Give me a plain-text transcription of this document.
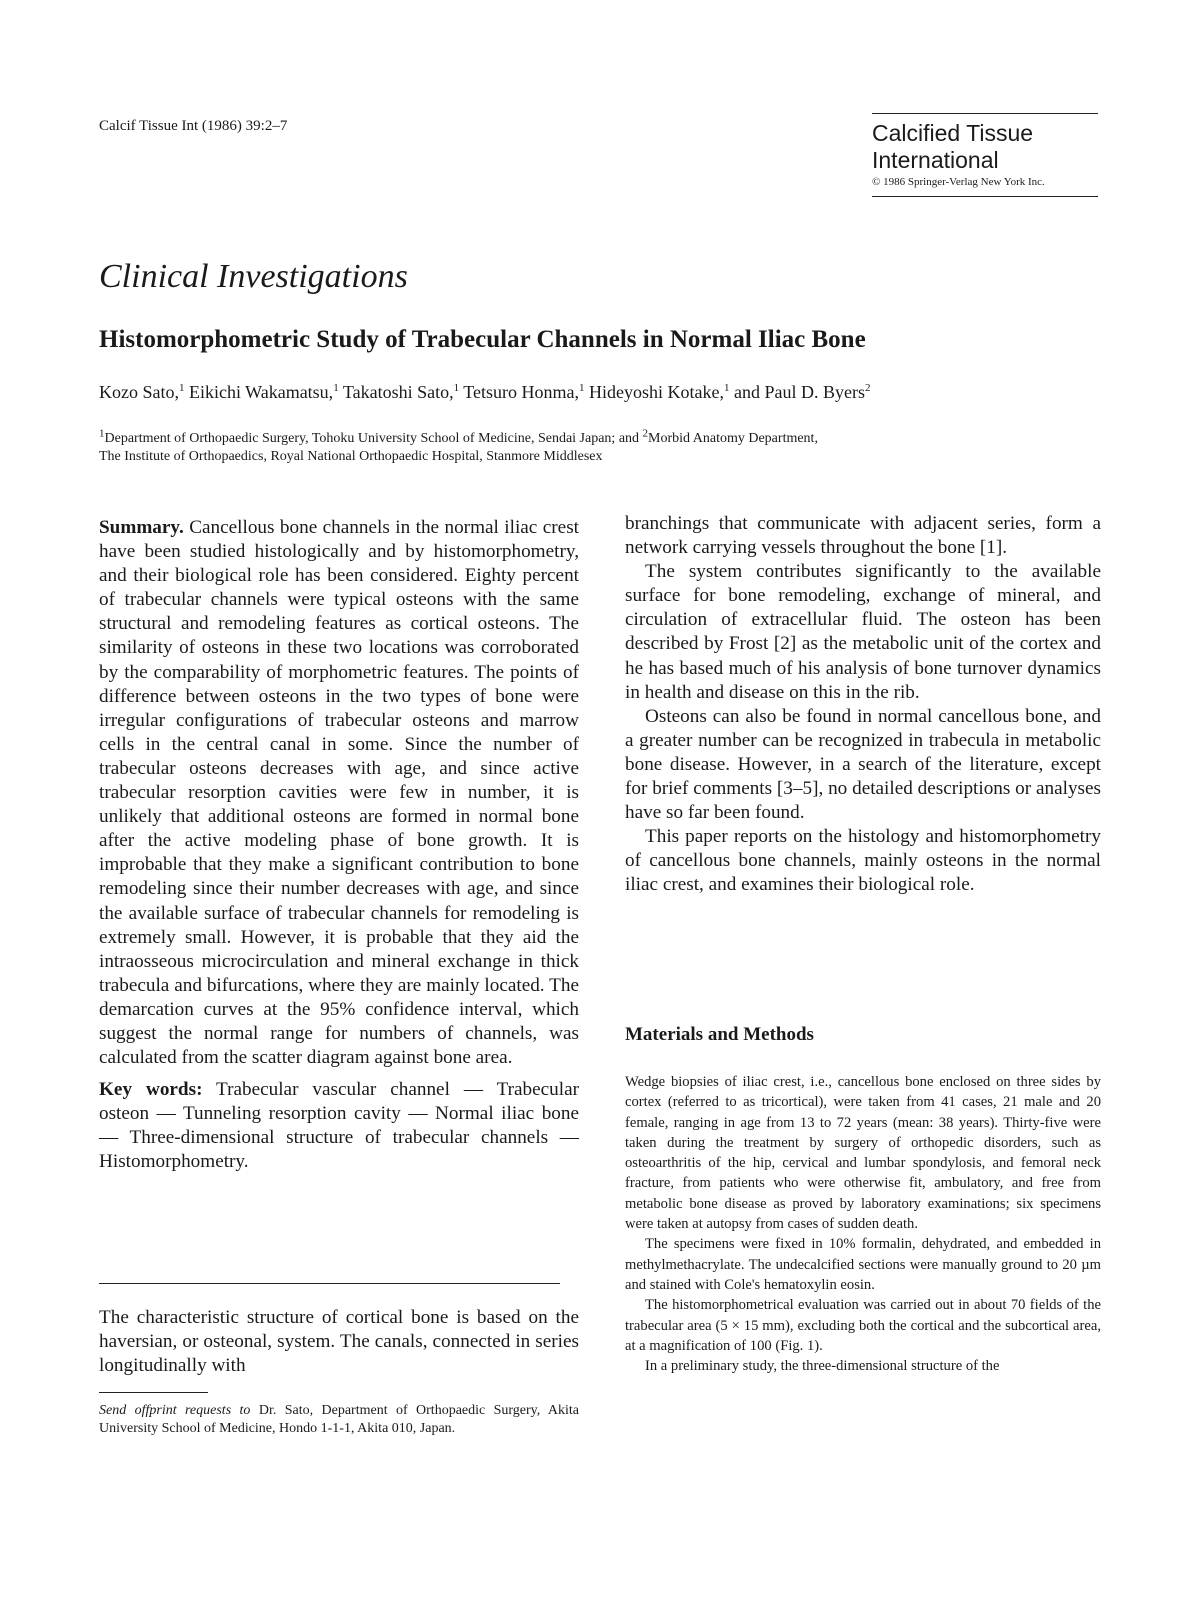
Calcif Tissue Int (1986) 39:2–7	Calcified Tissue
International
© 1986 Springer-Verlag New York Inc.
Clinical Investigations
Histomorphometric Study of Trabecular Channels in Normal Iliac Bone
Kozo Sato,$^1$ Eikichi Wakamatsu,$^1$ Takatoshi Sato,$^1$ Tetsuro Honma,$^1$ Hideyoshi Kotake,$^1$ and Paul D. Byers$^2$
$^1$Department of Orthopaedic Surgery, Tohoku University School of Medicine, Sendai Japan; and $^2$Morbid Anatomy Department,
The Institute of Orthopaedics, Royal National Orthopaedic Hospital, Stanmore Middlesex

Summary. Cancellous bone channels in the normal iliac crest have been studied histologically and by histomorphometry, and their biological role has been considered. Eighty percent of trabecular channels were typical osteons with the same structural and remodeling features as cortical osteons. The similarity of osteons in these two locations was corroborated by the comparability of morphometric features. The points of difference between osteons in the two types of bone were irregular configurations of trabecular osteons and marrow cells in the central canal in some. Since the number of trabecular osteons decreases with age, and since active trabecular resorption cavities were few in number, it is unlikely that additional osteons are formed in normal bone after the active modeling phase of bone growth. It is improbable that they make a significant contribution to bone remodeling since their number decreases with age, and since the available surface of trabecular channels for remodeling is extremely small. However, it is probable that they aid the intraosseous microcirculation and mineral exchange in thick trabecula and bifurcations, where they are mainly located. The demarcation curves at the 95% confidence interval, which suggest the normal range for numbers of channels, was calculated from the scatter diagram against bone area.

Key words: Trabecular vascular channel — Trabecular osteon — Tunneling resorption cavity — Normal iliac bone — Three-dimensional structure of trabecular channels — Histomorphometry.

The characteristic structure of cortical bone is based on the haversian, or osteonal, system. The canals, connected in series longitudinally with

Send offprint requests to Dr. Sato, Department of Orthopaedic Surgery, Akita University School of Medicine, Hondo 1-1-1, Akita 010, Japan.

branchings that communicate with adjacent series, form a network carrying vessels throughout the bone [1].

The system contributes significantly to the available surface for bone remodeling, exchange of mineral, and circulation of extracellular fluid. The osteon has been described by Frost [2] as the metabolic unit of the cortex and he has based much of his analysis of bone turnover dynamics in health and disease on this in the rib.

Osteons can also be found in normal cancellous bone, and a greater number can be recognized in trabecula in metabolic bone disease. However, in a search of the literature, except for brief comments [3–5], no detailed descriptions or analyses have so far been found.

This paper reports on the histology and histomorphometry of cancellous bone channels, mainly osteons in the normal iliac crest, and examines their biological role.

Materials and Methods

Wedge biopsies of iliac crest, i.e., cancellous bone enclosed on three sides by cortex (referred to as tricortical), were taken from 41 cases, 21 male and 20 female, ranging in age from 13 to 72 years (mean: 38 years). Thirty-five were taken during the treatment by surgery of orthopedic disorders, such as osteoarthritis of the hip, cervical and lumbar spondylosis, and femoral neck fracture, from patients who were otherwise fit, ambulatory, and free from metabolic bone disease as proved by laboratory examinations; six specimens were taken at autopsy from cases of sudden death.

The specimens were fixed in 10% formalin, dehydrated, and embedded in methylmethacrylate. The undecalcified sections were manually ground to 20 µm and stained with Cole's hematoxylin eosin.

The histomorphometrical evaluation was carried out in about 70 fields of the trabecular area (5 × 15 mm), excluding both the cortical and the subcortical area, at a magnification of 100 (Fig. 1).

In a preliminary study, the three-dimensional structure of the
